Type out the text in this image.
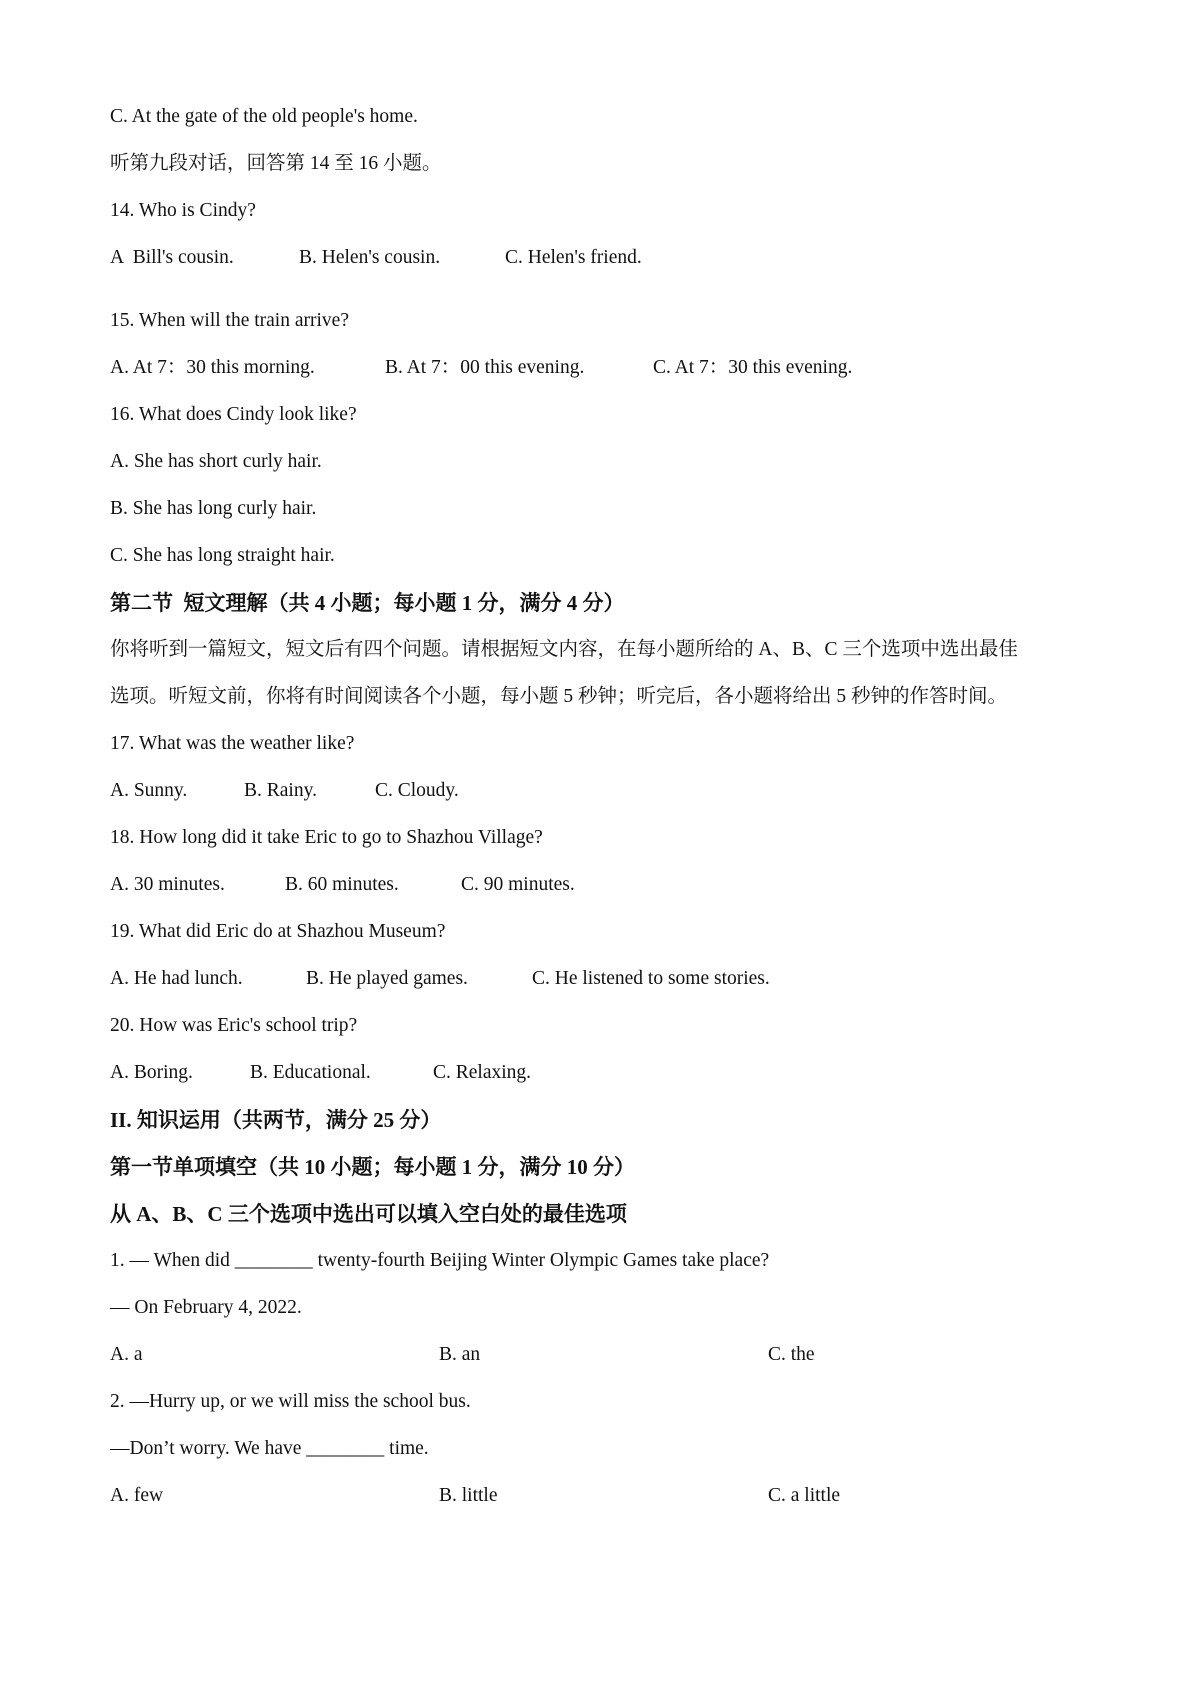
C. At the gate of the old people's home.
听第九段对话，回答第 14 至 16 小题。
14. Who is Cindy?

A  Bill's cousin.

	B. Helen's cousin.

	C. Helen's friend.

15. When will the train arrive?

A. At 7：30 this morning.

	B. At 7：00 this evening.

	C. At 7：30 this evening.

16. What does Cindy look like?
A. She has short curly hair.
B. She has long curly hair.
C. She has long straight hair.
第二节  短文理解（共 4 小题；每小题 1 分，满分 4 分）
你将听到一篇短文，短文后有四个问题。请根据短文内容，在每小题所给的 A、B、C 三个选项中选出最佳
选项。听短文前，你将有时间阅读各个小题，每小题 5 秒钟；听完后，各小题将给出 5 秒钟的作答时间。
17. What was the weather like?

A. Sunny.

	B. Rainy.

	C. Cloudy.

18. How long did it take Eric to go to Shazhou Village?

A. 30 minutes.

	B. 60 minutes.

	C. 90 minutes.

19. What did Eric do at Shazhou Museum?

A. He had lunch.

	B. He played games.

	C. He listened to some stories.

20. How was Eric's school trip?

A. Boring.

	B. Educational.

	C. Relaxing.

II. 知识运用（共两节，满分 25 分）
第一节单项填空（共 10 小题；每小题 1 分，满分 10 分）
从 A、B、C 三个选项中选出可以填入空白处的最佳选项
1. — When did ________ twenty-fourth Beijing Winter Olympic Games take place?
— On February 4, 2022.

A. a

	B. an

	C. the

2. —Hurry up, or we will miss the school bus.
—Don’t worry. We have ________ time.

A. few

	B. little

	C. a little
